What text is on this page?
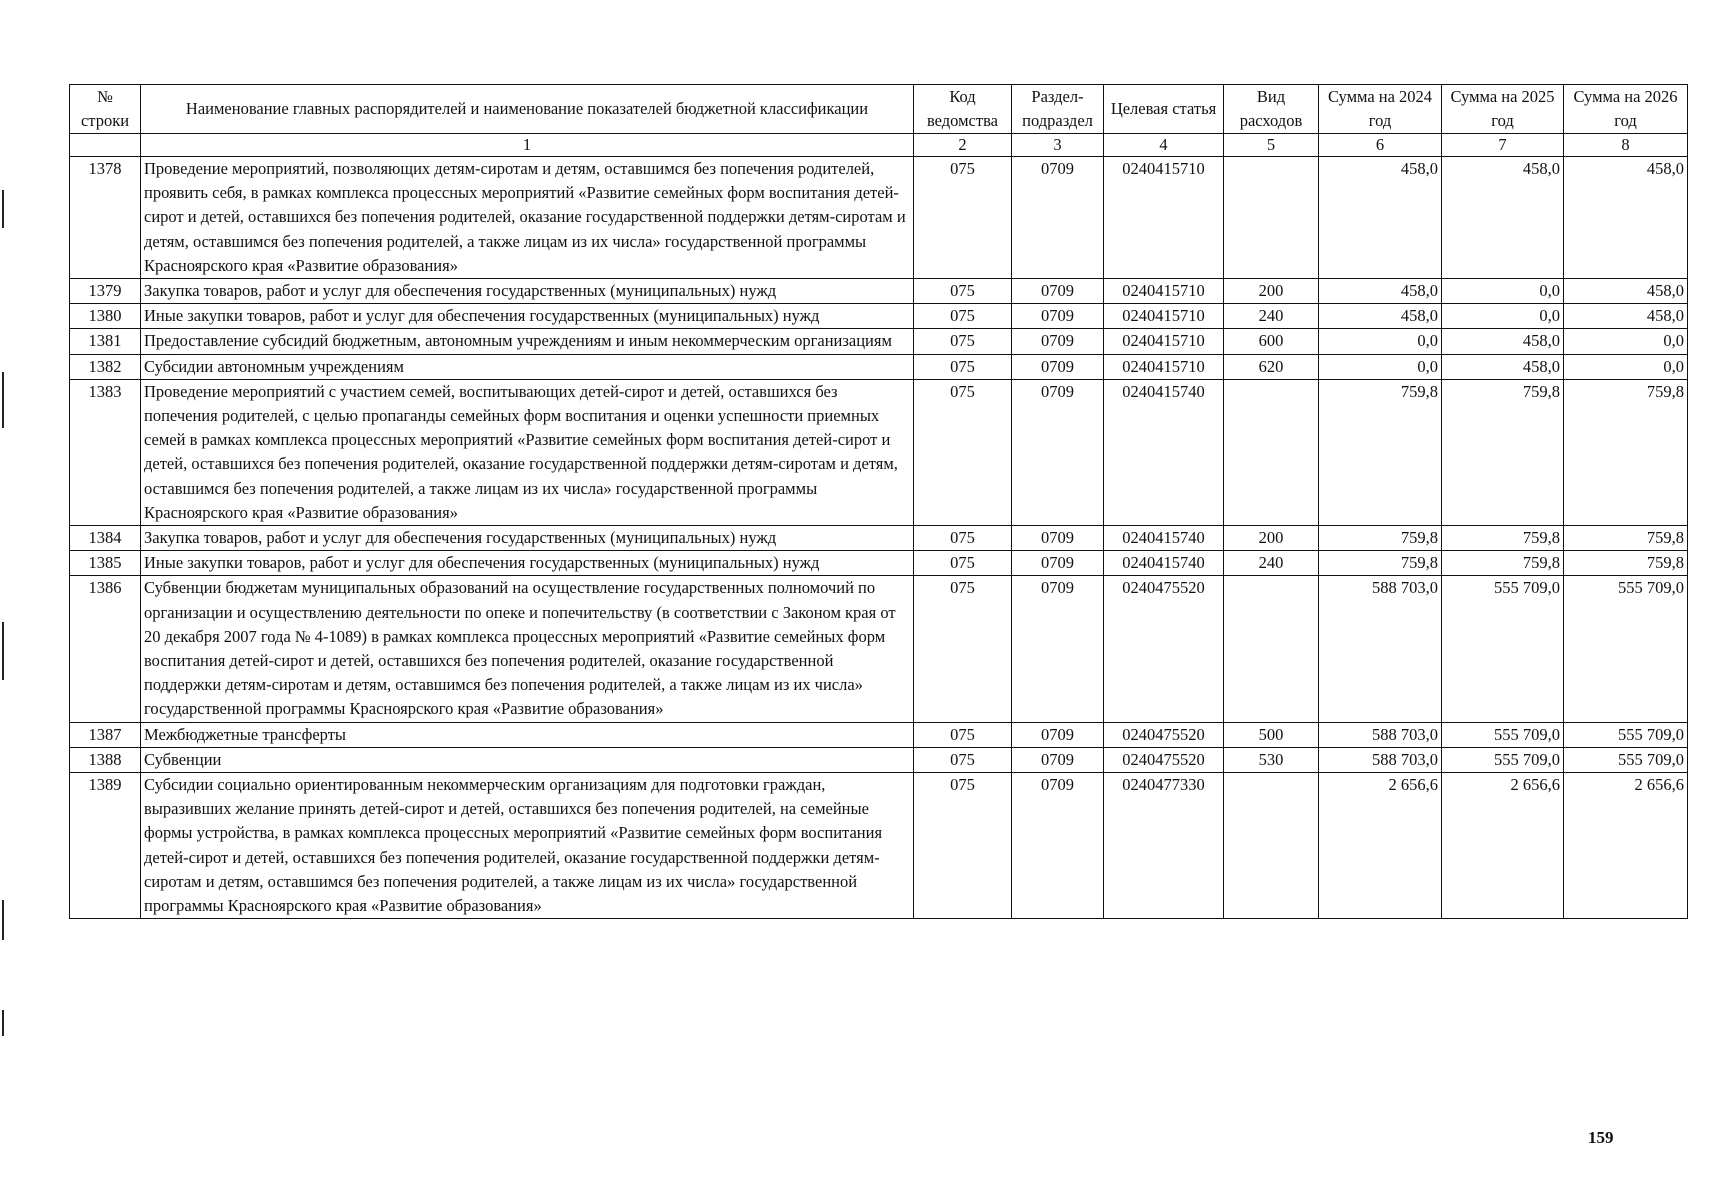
№ строки	Наименование главных распорядителей и наименование показателей бюджетной классификации	Код ведомства	Раздел-подраздел	Целевая статья	Вид расходов	Сумма на 2024 год	Сумма на 2025 год	Сумма на 2026 год
	1	2	3	4	5	6	7	8
1378	Проведение мероприятий, позволяющих детям-сиротам и детям, оставшимся без попечения родителей, проявить себя, в рамках комплекса процессных мероприятий «Развитие семейных форм воспитания детей-сирот и детей, оставшихся без попечения родителей, оказание государственной поддержки детям-сиротам и детям, оставшимся без попечения родителей, а также лицам из их числа» государственной программы Красноярского края «Развитие образования»	075	0709	0240415710		458,0	458,0	458,0
1379	Закупка товаров, работ и услуг для обеспечения государственных (муниципальных) нужд	075	0709	0240415710	200	458,0	0,0	458,0
1380	Иные закупки товаров, работ и услуг для обеспечения государственных (муниципальных) нужд	075	0709	0240415710	240	458,0	0,0	458,0
1381	Предоставление субсидий бюджетным, автономным учреждениям и иным некоммерческим организациям	075	0709	0240415710	600	0,0	458,0	0,0
1382	Субсидии автономным учреждениям	075	0709	0240415710	620	0,0	458,0	0,0
1383	Проведение мероприятий с участием семей, воспитывающих детей-сирот и детей, оставшихся без попечения родителей, с целью пропаганды семейных форм воспитания и оценки успешности приемных семей в рамках комплекса процессных мероприятий «Развитие семейных форм воспитания детей-сирот и детей, оставшихся без попечения родителей, оказание государственной поддержки детям-сиротам и детям, оставшимся без попечения родителей, а также лицам из их числа» государственной программы Красноярского края «Развитие образования»	075	0709	0240415740		759,8	759,8	759,8
1384	Закупка товаров, работ и услуг для обеспечения государственных (муниципальных) нужд	075	0709	0240415740	200	759,8	759,8	759,8
1385	Иные закупки товаров, работ и услуг для обеспечения государственных (муниципальных) нужд	075	0709	0240415740	240	759,8	759,8	759,8
1386	Субвенции бюджетам муниципальных образований на осуществление государственных полномочий по организации и осуществлению деятельности по опеке и попечительству (в соответствии с Законом края от 20 декабря 2007 года № 4-1089) в рамках комплекса процессных мероприятий «Развитие семейных форм воспитания детей-сирот и детей, оставшихся без попечения родителей, оказание государственной поддержки детям-сиротам и детям, оставшимся без попечения родителей, а также лицам из их числа» государственной программы Красноярского края «Развитие образования»	075	0709	0240475520		588 703,0	555 709,0	555 709,0
1387	Межбюджетные трансферты	075	0709	0240475520	500	588 703,0	555 709,0	555 709,0
1388	Субвенции	075	0709	0240475520	530	588 703,0	555 709,0	555 709,0
1389	Субсидии социально ориентированным некоммерческим организациям для подготовки граждан, выразивших желание принять детей-сирот и детей, оставшихся без попечения родителей, на семейные формы устройства, в рамках комплекса процессных мероприятий «Развитие семейных форм воспитания детей-сирот и детей, оставшихся без попечения родителей, оказание государственной поддержки детям-сиротам и детям, оставшимся без попечения родителей, а также лицам из их числа» государственной программы Красноярского края «Развитие образования»	075	0709	0240477330		2 656,6	2 656,6	2 656,6
159
